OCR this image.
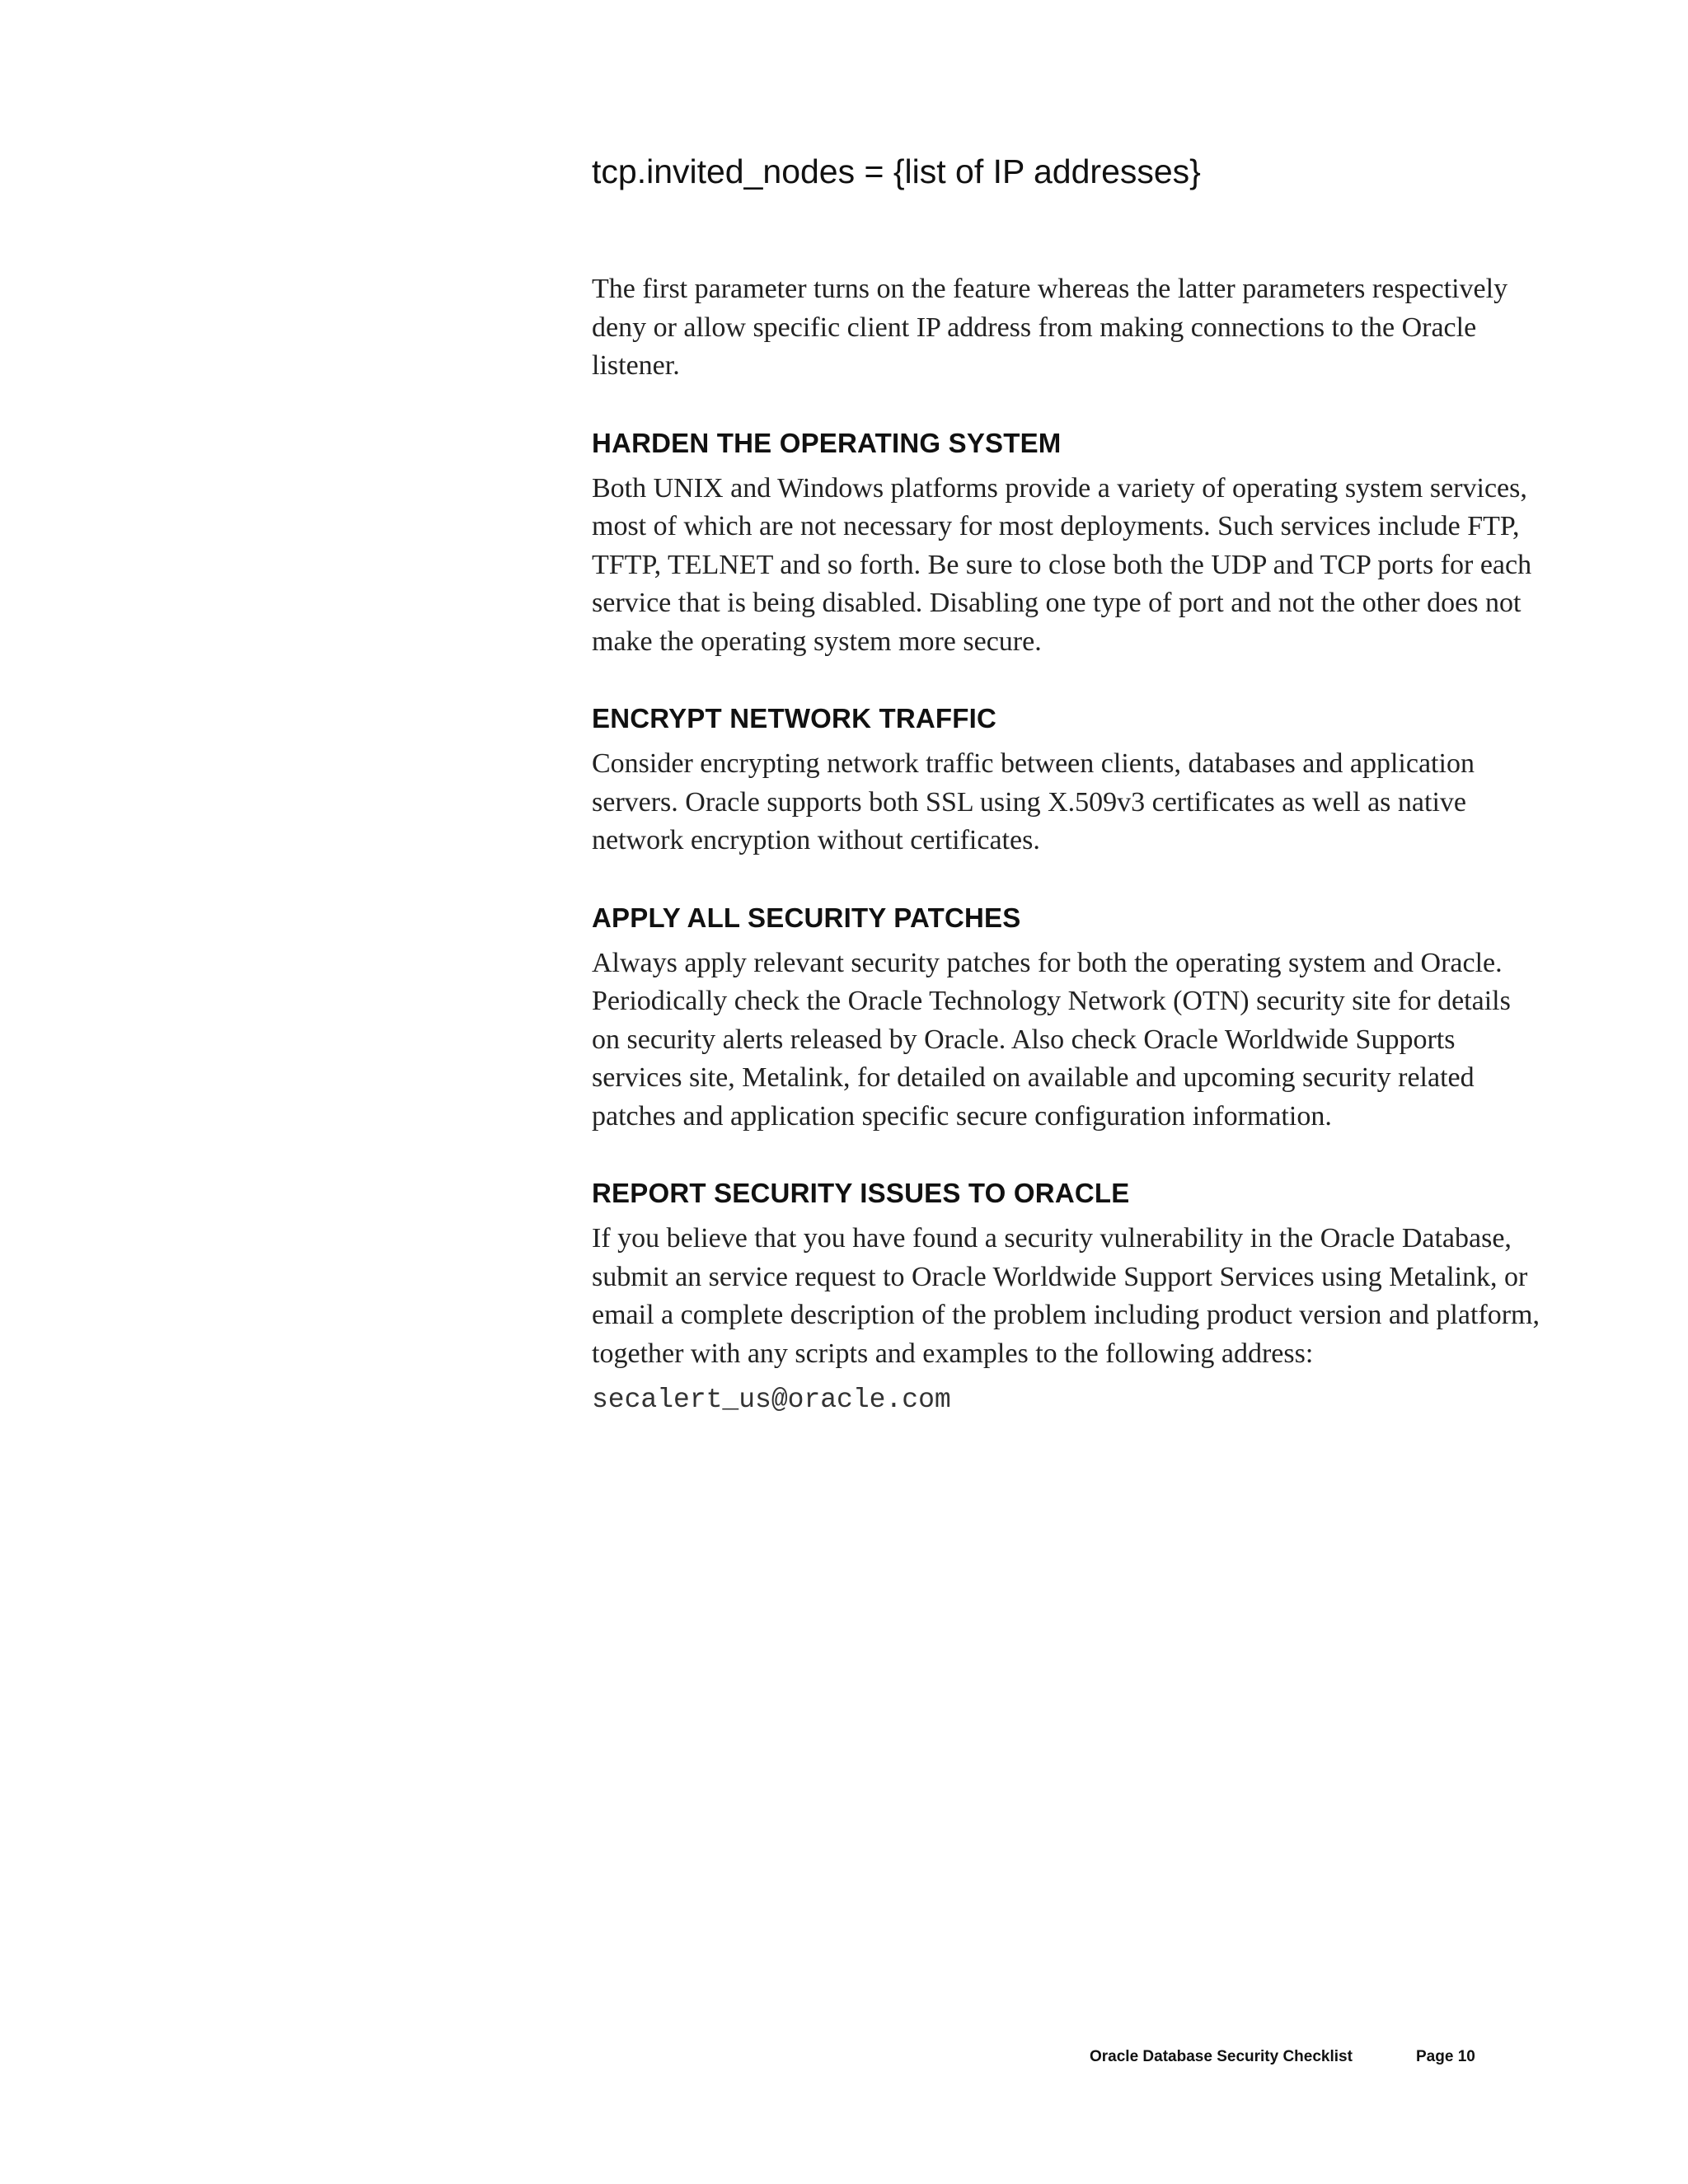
tcp.invited_nodes = {list of IP addresses}

The first parameter turns on the feature whereas the latter parameters respectively deny or allow specific client IP address from making connections to the Oracle listener.

HARDEN THE OPERATING SYSTEM

Both UNIX and Windows platforms provide a variety of operating system services, most of which are not necessary for most deployments. Such services include FTP, TFTP, TELNET and so forth. Be sure to close both the UDP and TCP ports for each service that is being disabled. Disabling one type of port and not the other does not make the operating system more secure.

ENCRYPT NETWORK TRAFFIC

Consider encrypting network traffic between clients, databases and application servers. Oracle supports both SSL using X.509v3 certificates as well as native network encryption without certificates.

APPLY ALL SECURITY PATCHES

Always apply relevant security patches for both the operating system and Oracle. Periodically check the Oracle Technology Network (OTN) security site for details on security alerts released by Oracle. Also check Oracle Worldwide Supports services site, Metalink, for detailed on available and upcoming security related patches and application specific secure configuration information.

REPORT SECURITY ISSUES TO ORACLE

If you believe that you have found a security vulnerability in the Oracle Database, submit an service request to Oracle Worldwide Support Services using Metalink, or email a complete description of the problem including product version and platform, together with any scripts and examples to the following address:

secalert_us@oracle.com

Oracle Database Security Checklist	Page 10
